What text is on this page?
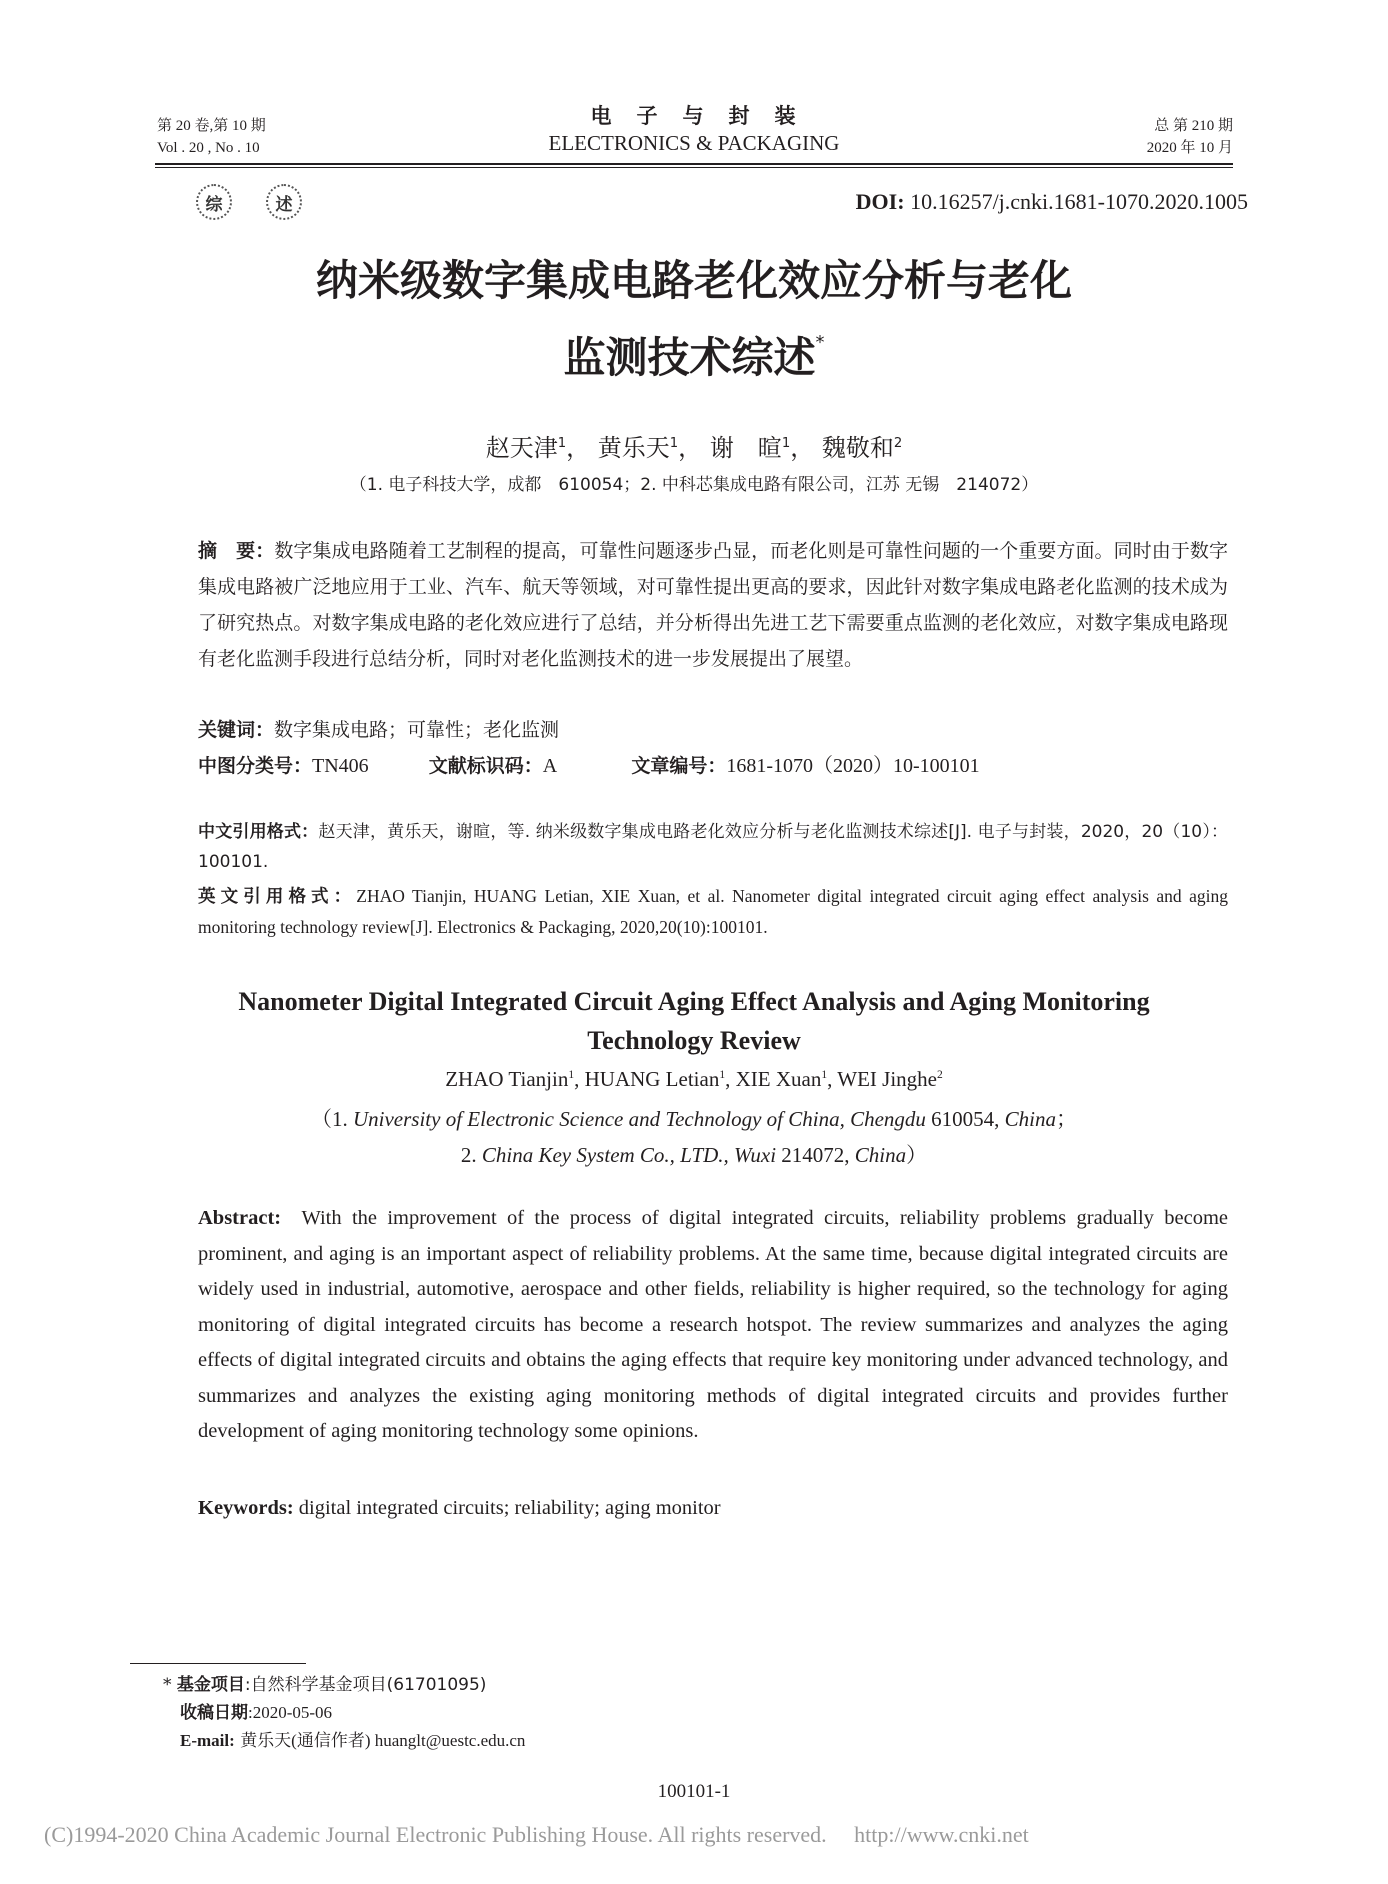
第 20 卷,第 10 期
Vol . 20 , No . 10
电　子　与　封　装
ELECTRONICS & PACKAGING
总 第 210 期
2020 年 10 月
综	述	DOI: 10.16257/j.cnki.1681-1070.2020.1005
纳米级数字集成电路老化效应分析与老化
监测技术综述*
赵天津$^1$， 黄乐天$^1$， 谢　暄$^1$， 魏敬和$^2$
（1. 电子科技大学，成都　610054；2. 中科芯集成电路有限公司，江苏 无锡　214072）
摘　要：数字集成电路随着工艺制程的提高，可靠性问题逐步凸显，而老化则是可靠性问题的一个重要方面。同时由于数字集成电路被广泛地应用于工业、汽车、航天等领域，对可靠性提出更高的要求，因此针对数字集成电路老化监测的技术成为了研究热点。对数字集成电路的老化效应进行了总结，并分析得出先进工艺下需要重点监测的老化效应，对数字集成电路现有老化监测手段进行总结分析，同时对老化监测技术的进一步发展提出了展望。
关键词：数字集成电路；可靠性；老化监测
中图分类号：TN406	文献标识码：A	文章编号：1681-1070（2020）10-100101
中文引用格式：赵天津，黄乐天，谢暄，等. 纳米级数字集成电路老化效应分析与老化监测技术综述[J]. 电子与封装，2020，20（10）：100101.
英文引用格式：ZHAO Tianjin, HUANG Letian, XIE Xuan, et al. Nanometer digital integrated circuit aging effect analysis and aging monitoring technology review[J]. Electronics & Packaging, 2020,20(10):100101.
Nanometer Digital Integrated Circuit Aging Effect Analysis and Aging Monitoring
Technology Review
ZHAO Tianjin$^1$, HUANG Letian$^1$, XIE Xuan$^1$, WEI Jinghe$^2$
（1. University of Electronic Science and Technology of China, Chengdu 610054, China；
2. China Key System Co., LTD., Wuxi 214072, China）
Abstract: With the improvement of the process of digital integrated circuits, reliability problems gradually become prominent, and aging is an important aspect of reliability problems. At the same time, because digital integrated circuits are widely used in industrial, automotive, aerospace and other fields, reliability is higher required, so the technology for aging monitoring of digital integrated circuits has become a research hotspot. The review summarizes and analyzes the aging effects of digital integrated circuits and obtains the aging effects that require key monitoring under advanced technology, and summarizes and analyzes the existing aging monitoring methods of digital integrated circuits and provides further development of aging monitoring technology some opinions.
Keywords: digital integrated circuits; reliability; aging monitor
* 基金项目:自然科学基金项目(61701095)
收稿日期:2020-05-06
E-mail: 黄乐天(通信作者) huanglt@uestc.edu.cn
100101-1
(C)1994-2020 China Academic Journal Electronic Publishing House. All rights reserved.　 http://www.cnki.net
